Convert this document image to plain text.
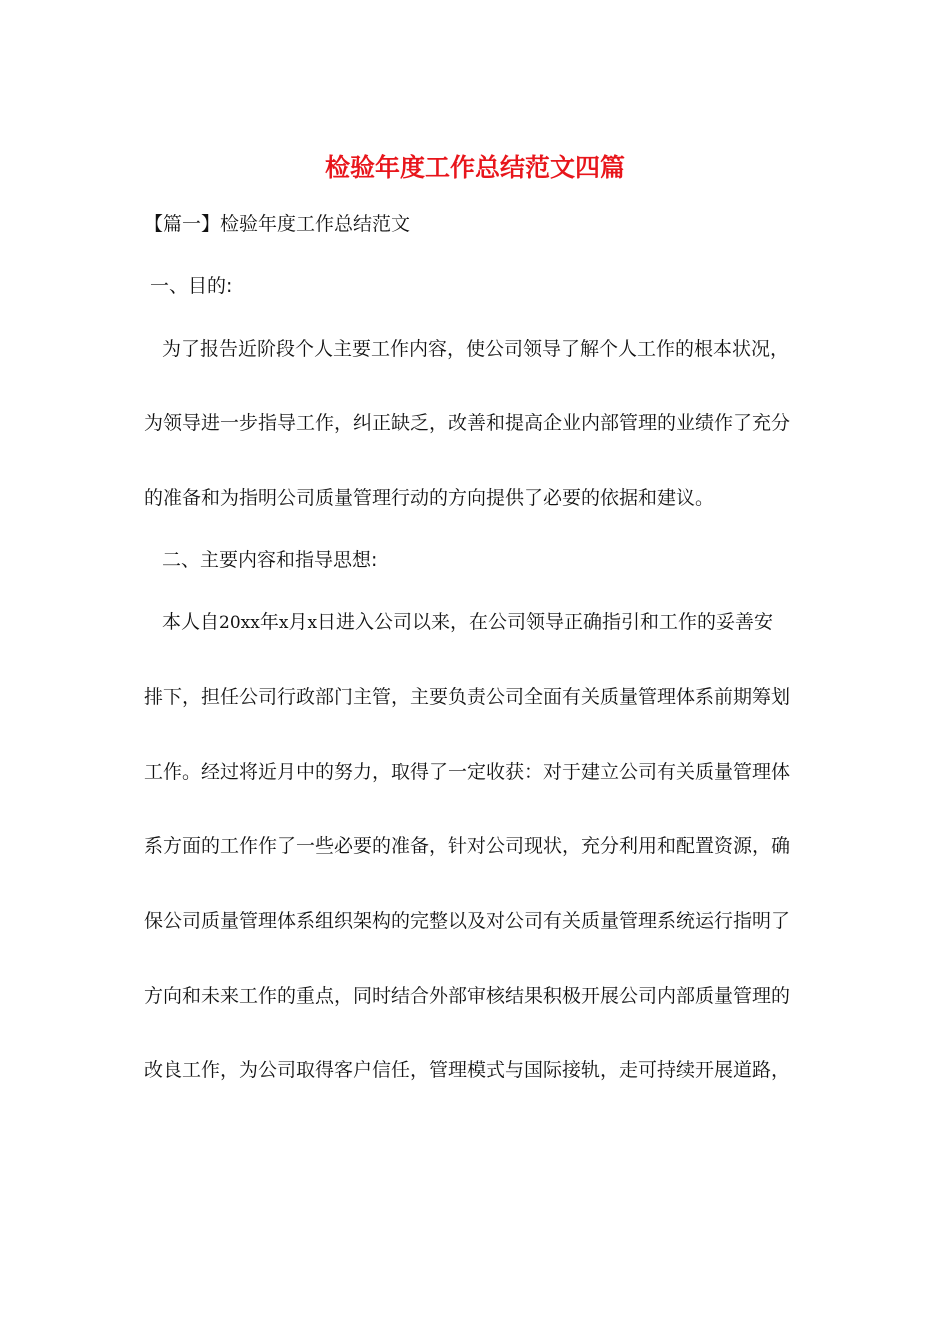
检验年度工作总结范文四篇
【篇一】检验年度工作总结范文
一、目的:
为了报告近阶段个人主要工作内容，使公司领导了解个人工作的根本状况，
为领导进一步指导工作，纠正缺乏，改善和提高企业内部管理的业绩作了充分
的准备和为指明公司质量管理行动的方向提供了必要的依据和建议。
二、主要内容和指导思想:
本人自20xx年x月x日进入公司以来，在公司领导正确指引和工作的妥善安
排下，担任公司行政部门主管，主要负责公司全面有关质量管理体系前期筹划
工作。经过将近月中的努力，取得了一定收获：对于建立公司有关质量管理体
系方面的工作作了一些必要的准备，针对公司现状，充分利用和配置资源，确
保公司质量管理体系组织架构的完整以及对公司有关质量管理系统运行指明了
方向和未来工作的重点，同时结合外部审核结果积极开展公司内部质量管理的
改良工作，为公司取得客户信任，管理模式与国际接轨，走可持续开展道路，
